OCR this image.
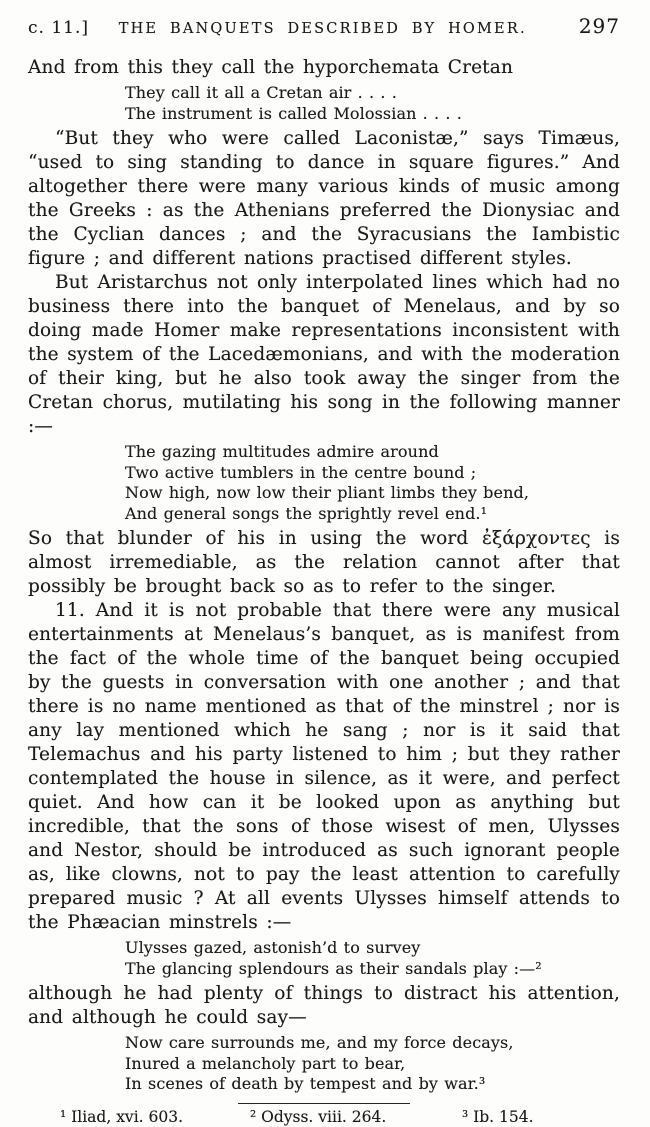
c. 11.]	THE BANQUETS DESCRIBED BY HOMER.	297

And from this they call the hyporchemata Cretan

They call it all a Cretan air . . . .
The instrument is called Molossian . . . .

“But they who were called Laconistæ,” says Timæus, “used to sing standing to dance in square figures.” And altogether there were many various kinds of music among the Greeks : as the Athenians preferred the Dionysiac and the Cyclian dances ; and the Syracusians the Iambistic figure ; and different nations practised different styles.

But Aristarchus not only interpolated lines which had no business there into the banquet of Menelaus, and by so doing made Homer make representations inconsistent with the system of the Lacedæmonians, and with the moderation of their king, but he also took away the singer from the Cretan chorus, mutilating his song in the following manner :—

The gazing multitudes admire around
Two active tumblers in the centre bound ;
Now high, now low their pliant limbs they bend,
And general songs the sprightly revel end.¹

So that blunder of his in using the word ἐξάρχοντες is almost irremediable, as the relation cannot after that possibly be brought back so as to refer to the singer.

11. And it is not probable that there were any musical entertainments at Menelaus’s banquet, as is manifest from the fact of the whole time of the banquet being occupied by the guests in conversation with one another ; and that there is no name mentioned as that of the minstrel ; nor is any lay mentioned which he sang ; nor is it said that Telemachus and his party listened to him ; but they rather contemplated the house in silence, as it were, and perfect quiet. And how can it be looked upon as anything but incredible, that the sons of those wisest of men, Ulysses and Nestor, should be introduced as such ignorant people as, like clowns, not to pay the least attention to carefully prepared music ? At all events Ulysses himself attends to the Phæacian minstrels :—

Ulysses gazed, astonish’d to survey
The glancing splendours as their sandals play :—²

although he had plenty of things to distract his attention, and although he could say—

Now care surrounds me, and my force decays,
Inured a melancholy part to bear,
In scenes of death by tempest and by war.³
¹ Iliad, xvi. 603.	² Odyss. viii. 264.	³ Ib. 154.
